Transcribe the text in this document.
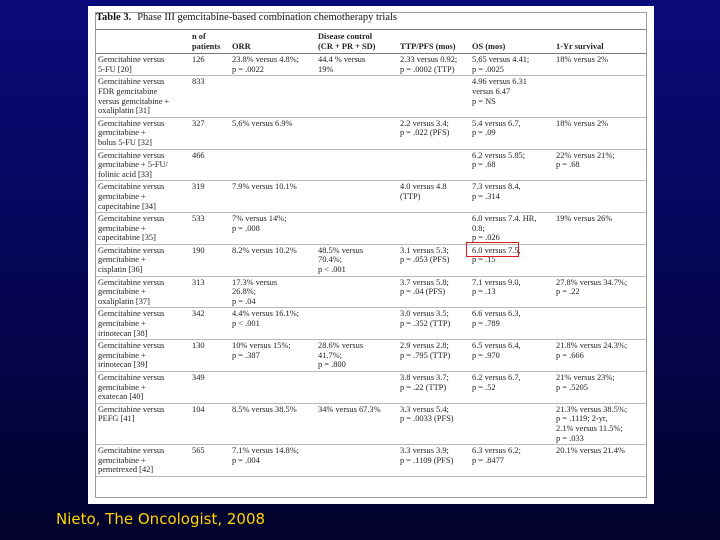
Table 3. Phase III gemcitabine-based combination chemotherapy trials
	n of
patients	ORR	Disease control
(CR + PR + SD)	TTP/PFS (mos)	OS (mos)	1-Yr survival
Gemcitabine versus
5-FU [20]	126	23.8% versus 4.8%;
p = .0022	44.4 % versus
19%	2.33 versus 0.92;
p = .0002 (TTP)	5.65 versus 4.41;
p = .0025	18% versus 2%
Gemcitabine versus
FDR gemcitabine
versus gemcitabine +
oxaliplatin [31]	833				4.96 versus 6.31
versus 6.47
p = NS	
Gemcitabine versus
gemcitabine +
bolus 5-FU [32]	327	5.6% versus 6.9%		2.2 versus 3.4;
p = .022 (PFS)	5.4 versus 6.7,
p = .09	18% versus 2%
Gemcitabine versus
gemcitabine + 5-FU/
folinic acid [33]	466				6.2 versus 5.85;
p = .68	22% versus 21%;
p = .68
Gemcitabine versus
gemcitabine +
capecitabine [34]	319	7.9% versus 10.1%		4.0 versus 4.8
(TTP)	7.3 versus 8.4,
p = .314	
Gemcitabine versus
gemcitabine +
capecitabine [35]	533	7% versus 14%;
p = .008			6.0 versus 7.4. HR,
0.8;
p = .026	19% versus 26%
Gemcitabine versus
gemcitabine +
cisplatin [36]	190	8.2% versus 10.2%	48.5% versus
70.4%;
p < .001	3.1 versus 5.3;
p = .053 (PFS)	6.0 versus 7.5,
p = .15	
Gemcitabine versus
gemcitabine +
oxaliplatin [37]	313	17.3% versus
26.8%;
p = .04		3.7 versus 5.8;
p = .04 (PFS)	7.1 versus 9.0,
p = .13	27.8% versus 34.7%;
p = .22
Gemcitabine versus
gemcitabine +
irinotecan [38]	342	4.4% versus 16.1%;
p < .001		3.0 versus 3.5;
p = .352 (TTP)	6.6 versus 6.3,
p = .789	
Gemcitabine versus
gemcitabine +
irinotecan [39]	130	10% versus 15%;
p = .387	28.6% versus
41.7%;
p = .800	2.9 versus 2.8;
p = .795 (TTP)	6.5 versus 6.4,
p = .970	21.8% versus 24.3%;
p = .666
Gemcitabine versus
gemcitabine +
exatecan [40]	349			3.8 versus 3.7;
p = .22 (TTP)	6.2 versus 6.7,
p = .52	21% versus 23%;
p = .5205
Gemcitabine versus
PEFG [41]	104	8.5% versus 38.5%	34% versus 67.3%	3.3 versus 5.4;
p = .0033 (PFS)		21.3% versus 38.5%;
p = .1119; 2-yr,
2.1% versus 11.5%;
p = .033
Gemcitabine versus
gemcitabine +
pemetrexed [42]	565	7.1% versus 14.8%;
p = .004		3.3 versus 3.9;
p = .1109 (PFS)	6.3 versus 6.2;
p = .8477	20.1% versus 21.4%
Nieto, The Oncologist, 2008
